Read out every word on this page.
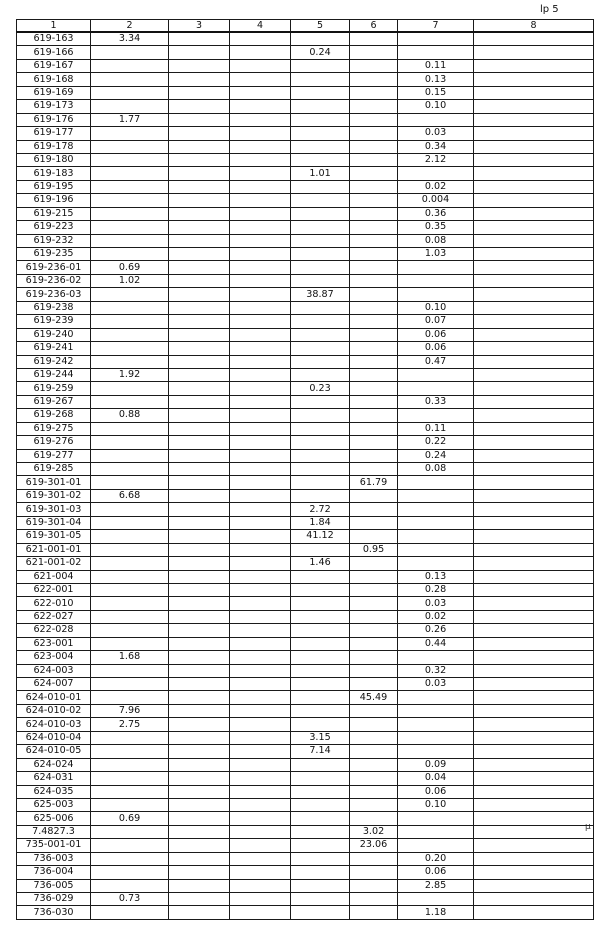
lp 5
µ
1	2	3	4	5	6	7	8
619-163	3.34						
619-166				0.24			
619-167						0.11	
619-168						0.13	
619-169						0.15	
619-173						0.10	
619-176	1.77						
619-177						0.03	
619-178						0.34	
619-180						2.12	
619-183				1.01			
619-195						0.02	
619-196						0.004	
619-215						0.36	
619-223						0.35	
619-232						0.08	
619-235						1.03	
619-236-01	0.69						
619-236-02	1.02						
619-236-03				38.87			
619-238						0.10	
619-239						0.07	
619-240						0.06	
619-241						0.06	
619-242						0.47	
619-244	1.92						
619-259				0.23			
619-267						0.33	
619-268	0.88						
619-275						0.11	
619-276						0.22	
619-277						0.24	
619-285						0.08	
619-301-01					61.79		
619-301-02	6.68						
619-301-03				2.72			
619-301-04				1.84			
619-301-05				41.12			
621-001-01					0.95		
621-001-02				1.46			
621-004						0.13	
622-001						0.28	
622-010						0.03	
622-027						0.02	
622-028						0.26	
623-001						0.44	
623-004	1.68						
624-003						0.32	
624-007						0.03	
624-010-01					45.49		
624-010-02	7.96						
624-010-03	2.75						
624-010-04				3.15			
624-010-05				7.14			
624-024						0.09	
624-031						0.04	
624-035						0.06	
625-003						0.10	
625-006	0.69						
7.4827.3					3.02		
735-001-01					23.06		
736-003						0.20	
736-004						0.06	
736-005						2.85	
736-029	0.73						
736-030						1.18	
